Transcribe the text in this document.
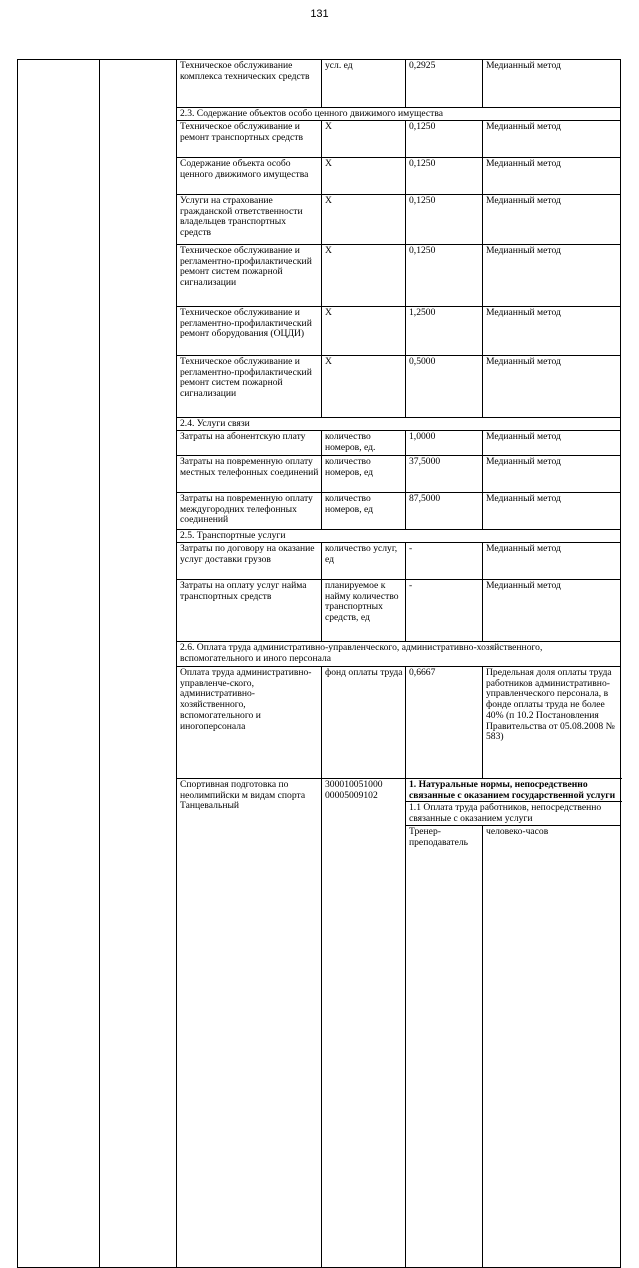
131
		Техническое обслуживание комплекса технических средств	усл. ед	0,2925	Медианный метод	
		2.3. Содержание объектов особо ценного движимого имущества				
		Техническое обслуживание и ремонт транспортных средств	Х	0,1250	Медианный метод	
		Содержание объекта особо ценного движимого имущества	Х	0,1250	Медианный метод	
		Услуги на страхование гражданской ответственности владельцев транспортных средств	Х	0,1250	Медианный метод	
		Техническое обслуживание и регламентно-профилактический ремонт систем пожарной сигнализации	Х	0,1250	Медианный метод	
		Техническое обслуживание и регламентно-профилактический ремонт оборудования (ОЦДИ)	Х	1,2500	Медианный метод	
		Техническое обслуживание и регламентно-профилактический ремонт систем пожарной сигнализации	Х	0,5000	Медианный метод	
		2.4. Услуги связи				
		Затраты на абонентскую плату	количество номеров, ед.	1,0000	Медианный метод	
		Затраты на повременную оплату местных телефонных соединений	количество номеров, ед	37,5000	Медианный метод	
		Затраты на повременную оплату междугородних телефонных соединений	количество номеров, ед	87,5000	Медианный метод	
		2.5. Транспортные услуги				
		Затраты по договору на оказание услуг доставки грузов	количество услуг, ед	-	Медианный метод	
		Затраты на оплату услуг найма транспортных средств	планируемое к найму количество транспортных средств, ед	-	Медианный метод	
		2.6. Оплата труда административно-управленческого, административно-хозяйственного, вспомогательного и иного персонала				
		Оплата труда административно-управленче-ского, административно-хозяйственного, вспомогательного и иногоперсонала	фонд оплаты труда	0,6667	Предельная доля оплаты труда работников административно-управленческого персонала, в фонде оплаты труда не более 40% (п 10.2 Постановления Правительства от 05.08.2008 № 583)	
		Спортивная подготовка по неолимпийски м видам спорта Танцевальный	300010051000 00005009102	1. Натуральные нормы, непосредственно связанные с оказанием государственной услуги		
				1.1 Оплата труда работников, непосредственно связанные с оказанием услуги		
				Тренер-преподаватель	человеко-часов		
